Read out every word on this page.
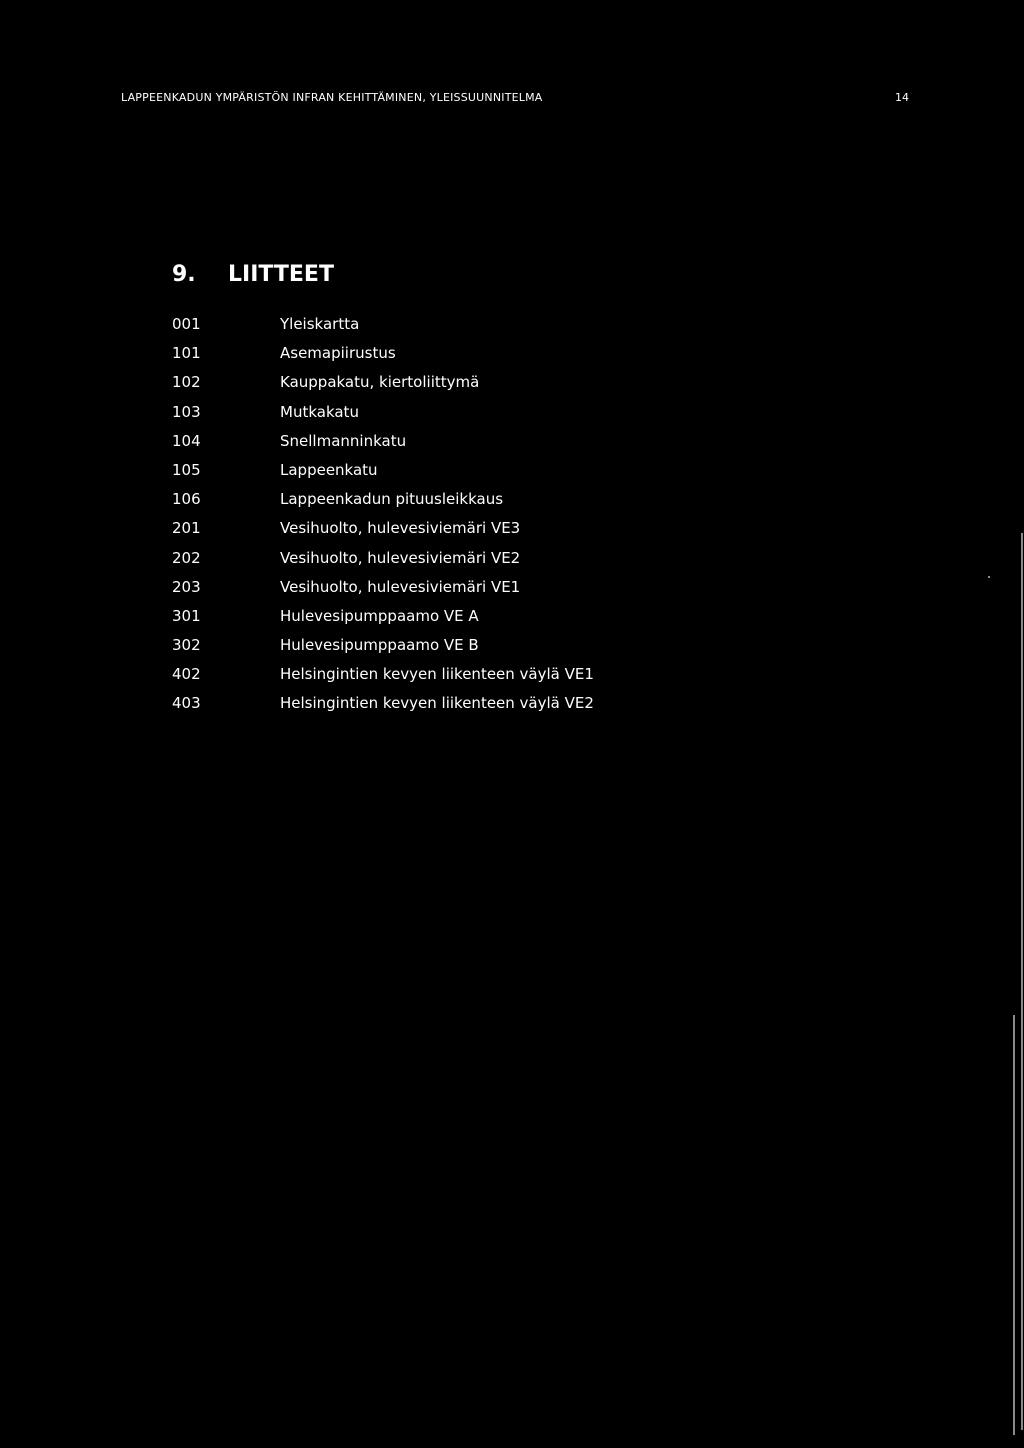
LAPPEENKADUN YMPÄRISTÖN INFRAN KEHITTÄMINEN, YLEISSUUNNITELMA	14
9. LIITTEET
001	Yleiskartta
101	Asemapiirustus
102	Kauppakatu, kiertoliittymä
103	Mutkakatu
104	Snellmanninkatu
105	Lappeenkatu
106	Lappeenkadun pituusleikkaus
201	Vesihuolto, hulevesiviemäri VE3
202	Vesihuolto, hulevesiviemäri VE2
203	Vesihuolto, hulevesiviemäri VE1
301	Hulevesipumppaamo VE A
302	Hulevesipumppaamo VE B
402	Helsingintien kevyen liikenteen väylä VE1
403	Helsingintien kevyen liikenteen väylä VE2
